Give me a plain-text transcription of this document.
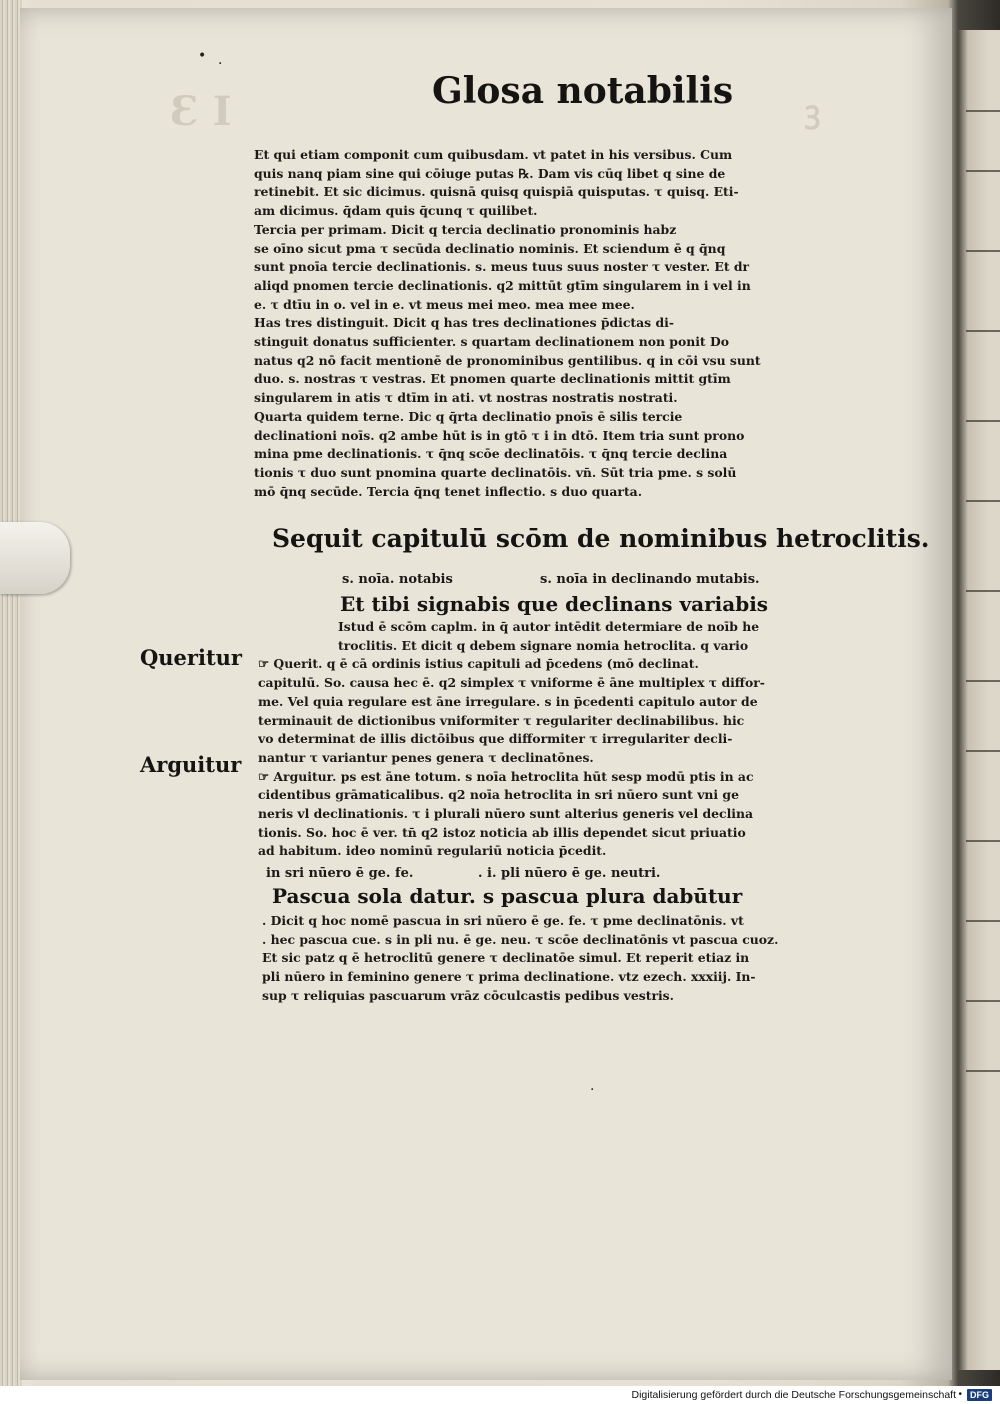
Ɛ I	ꝫ
• ·
Glosa notabilis
Et qui etiam componit cum quibusdam. vt patet in his versibus. Cum
quis nanq piam sine qui cōiuge putas ℞. Dam vis cūq libet q sine de
retinebit. Et sic dicimus. quisnā quisq quispiā quisputas. τ quisq. Eti-
am dicimus. q̄dam quis q̄cunq τ quilibet.
Tercia per primam. Dicit q tercia declinatio pronominis habz
se oīno sicut pma τ secūda declinatio nominis. Et sciendum ē q q̄nq
sunt pnoīa tercie declinationis. s. meus tuus suus noster τ vester. Et dr
aliqd pnomen tercie declinationis. q2 mittūt gtīm singularem in i vel in
e. τ dtīu in o. vel in e. vt meus mei meo. mea mee mee.
Has tres distinguit. Dicit q has tres declinationes p̄dictas di-
stinguit donatus sufficienter. s quartam declinationem non ponit Do
natus q2 nō facit mentionē de pronominibus gentilibus. q in cōi vsu sunt
duo. s. nostras τ vestras. Et pnomen quarte declinationis mittit gtīm
singularem in atis τ dtīm in ati. vt nostras nostratis nostrati.
Quarta quidem terne. Dic q q̄rta declinatio pnoīs ē silis tercie
declinationi noīs. q2 ambe hūt is in gtō τ i in dtō. Item tria sunt prono
mina pme declinationis. τ q̄nq scōe declinatōis. τ q̄nq tercie declina
tionis τ duo sunt pnomina quarte declinatōis. vn̄. Sūt tria pme. s solū
mō q̄nq secūde. Tercia q̄nq tenet inflectio. s duo quarta.
Sequit capitulū scōm de nominibus hetroclitis.
s. noīa. notabis	s. noīa in declinando mutabis.
Et tibi signabis que declinans variabis
Queritur
Arguitur
Istud ē scōm caplm. in q̄ autor intēdit determiare de noīb he
troclitis. Et dicit q debem signare nomia hetroclita. q vario
☞ Querit. q ē cā ordinis istius capituli ad p̄cedens (mō declinat.
capitulū. So. causa hec ē. q2 simplex τ vniforme ē āne multiplex τ diffor-
me. Vel quia regulare est āne irregulare. s in p̄cedenti capitulo autor de
terminauit de dictionibus vniformiter τ regulariter declinabilibus. hic
vo determinat de illis dictōibus que difformiter τ irregulariter decli-
nantur τ variantur penes genera τ declinatōnes.
☞ Arguitur. ps est āne totum. s noīa hetroclita hūt sesp modū ptis in ac
cidentibus grāmaticalibus. q2 noīa hetroclita in sri nūero sunt vni ge
neris vl declinationis. τ i plurali nūero sunt alterius generis vel declina
tionis. So. hoc ē ver. tn̄ q2 istoz noticia ab illis dependet sicut priuatio
ad habitum. ideo nominū regulariū noticia p̄cedit.
in sri nūero ē ge. fe.	. i. pli nūero ē ge. neutri.
Pascua sola datur. s pascua plura dabūtur
. Dicit q hoc nomē pascua in sri nūero ē ge. fe. τ pme declinatōnis. vt
. hec pascua cue. s in pli nu. ē ge. neu. τ scōe declinatōnis vt pascua cuoz.
Et sic patz q ē hetroclitū genere τ declinatōe simul. Et reperit etiaz in
pli nūero in feminino genere τ prima declinatione. vtz ezech. xxxiij. In-
sup τ reliquias pascuarum vrāz cōculcastis pedibus vestris.
·
Digitalisierung gefördert durch die Deutsche Forschungsgemeinschaft • DFG
